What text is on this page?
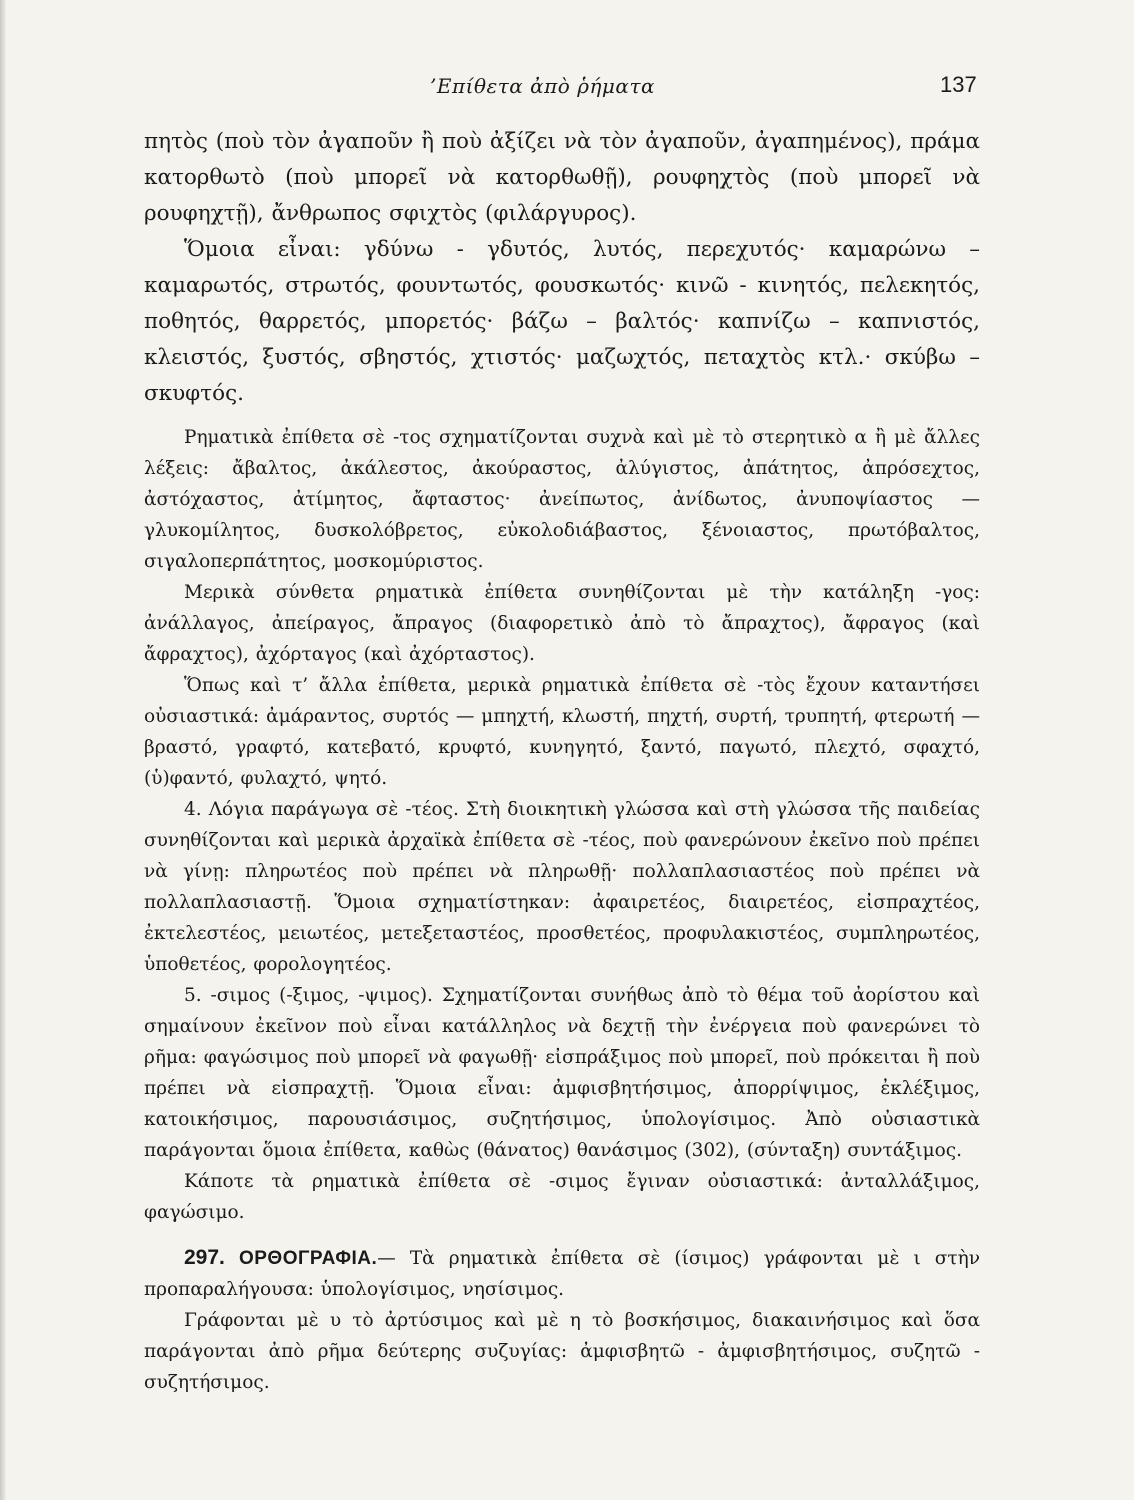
’Επίθετα ἀπὸ ῥήματα	137

πητὸς (ποὺ τὸν ἀγαποῦν ἢ ποὺ ἀξίζει νὰ τὸν ἀγαποῦν, ἀγαπημένος), πράμα κατορθωτὸ (ποὺ μπορεῖ νὰ κατορθωθῇ), ρουφηχτὸς (ποὺ μπορεῖ νὰ ρουφηχτῇ), ἄνθρωπος σφιχτὸς (φιλάργυρος).

Ὅμοια εἶναι: γδύνω - γδυτός, λυτός, περεχυτός· καμαρώνω – καμαρωτός, στρωτός, φουντωτός, φουσκωτός· κινῶ - κινητός, πελεκητός, ποθητός, θαρρετός, μπορετός· βάζω – βαλτός· καπνίζω – καπνιστός, κλειστός, ξυστός, σβηστός, χτιστός· μαζωχτός, πεταχτὸς κτλ.· σκύβω – σκυφτός.

Ρηματικὰ ἐπίθετα σὲ -τος σχηματίζονται συχνὰ καὶ μὲ τὸ στερητικὸ α ἢ μὲ ἄλλες λέξεις: ἄβαλτος, ἀκάλεστος, ἀκούραστος, ἀλύγιστος, ἀπάτητος, ἀπρόσεχτος, ἀστόχαστος, ἀτίμητος, ἄφταστος· ἀνείπωτος, ἀνίδωτος, ἀνυποψίαστος — γλυκομίλητος, δυσκολόβρετος, εὐκολοδιάβαστος, ξένοιαστος, πρωτόβαλτος, σιγαλοπερπάτητος, μοσκομύριστος.

Μερικὰ σύνθετα ρηματικὰ ἐπίθετα συνηθίζονται μὲ τὴν κατάληξη -γος: ἀνάλλαγος, ἀπείραγος, ἄπραγος (διαφορετικὸ ἀπὸ τὸ ἄπραχτος), ἄφραγος (καὶ ἄφραχτος), ἀχόρταγος (καὶ ἀχόρταστος).

Ὅπως καὶ τ’ ἄλλα ἐπίθετα, μερικὰ ρηματικὰ ἐπίθετα σὲ -τὸς ἔχουν καταντήσει οὐσιαστικά: ἀμάραντος, συρτός — μπηχτή, κλωστή, πηχτή, συρτή, τρυπητή, φτερωτή — βραστό, γραφτό, κατεβατό, κρυφτό, κυνηγητό, ξαντό, παγωτό, πλεχτό, σφαχτό, (ὑ)φαντό, φυλαχτό, ψητό.

4. Λόγια παράγωγα σὲ -τέος. Στὴ διοικητικὴ γλώσσα καὶ στὴ γλώσσα τῆς παιδείας συνηθίζονται καὶ μερικὰ ἀρχαϊκὰ ἐπίθετα σὲ -τέος, ποὺ φανερώνουν ἐκεῖνο ποὺ πρέπει νὰ γίνῃ: πληρωτέος ποὺ πρέπει νὰ πληρωθῇ· πολλαπλασιαστέος ποὺ πρέπει νὰ πολλαπλασιαστῇ. Ὅμοια σχηματίστηκαν: ἀφαιρετέος, διαιρετέος, εἰσπραχτέος, ἐκτελεστέος, μειωτέος, μετεξεταστέος, προσθετέος, προφυλακιστέος, συμπληρωτέος, ὑποθετέος, φορολογητέος.

5. -σιμος (-ξιμος, -ψιμος). Σχηματίζονται συνήθως ἀπὸ τὸ θέμα τοῦ ἀορίστου καὶ σημαίνουν ἐκεῖνον ποὺ εἶναι κατάλληλος νὰ δεχτῇ τὴν ἐνέργεια ποὺ φανερώνει τὸ ρῆμα: φαγώσιμος ποὺ μπορεῖ νὰ φαγωθῇ· εἰσπράξιμος ποὺ μπορεῖ, ποὺ πρόκειται ἢ ποὺ πρέπει νὰ εἰσπραχτῇ. Ὅμοια εἶναι: ἀμφισβητήσιμος, ἀπορρίψιμος, ἐκλέξιμος, κατοικήσιμος, παρουσιάσιμος, συζητήσιμος, ὑπολογίσιμος. Ἀπὸ οὐσιαστικὰ παράγονται ὅμοια ἐπίθετα, καθὼς (θάνατος) θανάσιμος (302), (σύνταξη) συντάξιμος.

Κάποτε τὰ ρηματικὰ ἐπίθετα σὲ -σιμος ἔγιναν οὐσιαστικά: ἀνταλλάξιμος, φαγώσιμο.

297. ΟΡΘΟΓΡΑΦΙΑ.— Τὰ ρηματικὰ ἐπίθετα σὲ (ίσιμος) γράφονται μὲ ι στὴν προπαραλήγουσα: ὑπολογίσιμος, νησίσιμος.

Γράφονται μὲ υ τὸ ἀρτύσιμος καὶ μὲ η τὸ βοσκήσιμος, διακαινήσιμος καὶ ὅσα παράγονται ἀπὸ ρῆμα δεύτερης συζυγίας: ἀμφισβητῶ - ἀμφισβητήσιμος, συζητῶ - συζητήσιμος.
